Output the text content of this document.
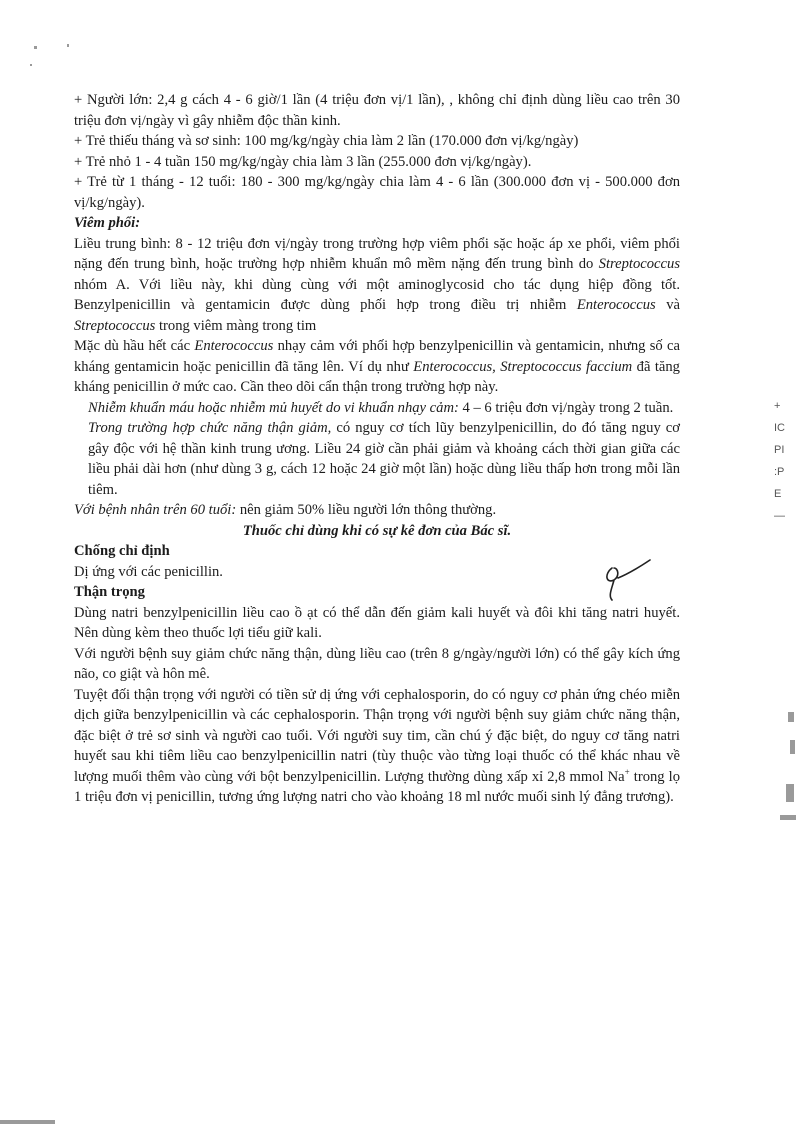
+ Người lớn: 2,4 g cách 4 - 6 giờ/1 lần (4 triệu đơn vị/1 lần), , không chỉ định dùng liều cao trên 30 triệu đơn vị/ngày vì gây nhiễm độc thần kinh.

+ Trẻ thiếu tháng và sơ sinh: 100 mg/kg/ngày chia làm 2 lần (170.000 đơn vị/kg/ngày)

+ Trẻ nhỏ 1 - 4 tuần 150 mg/kg/ngày chia làm 3 lần (255.000 đơn vị/kg/ngày).

+ Trẻ từ 1 tháng - 12 tuổi: 180 - 300 mg/kg/ngày chia làm 4 - 6 lần (300.000 đơn vị - 500.000 đơn vị/kg/ngày).

Viêm phổi:

Liều trung bình: 8 - 12 triệu đơn vị/ngày trong trường hợp viêm phổi sặc hoặc áp xe phổi, viêm phổi nặng đến trung bình, hoặc trường hợp nhiễm khuẩn mô mềm nặng đến trung bình do Streptococcus nhóm A. Với liều này, khi dùng cùng với một aminoglycosid cho tác dụng hiệp đồng tốt. Benzylpenicillin và gentamicin được dùng phối hợp trong điều trị nhiễm Enterococcus và Streptococcus trong viêm màng trong tim

Mặc dù hầu hết các Enterococcus nhạy cảm với phối hợp benzylpenicillin và gentamicin, nhưng số ca kháng gentamicin hoặc penicillin đã tăng lên. Ví dụ như Enterococcus, Streptococcus faccium đã tăng kháng penicillin ở mức cao. Cần theo dõi cẩn thận trong trường hợp này.

Nhiễm khuẩn máu hoặc nhiễm mủ huyết do vi khuẩn nhạy cảm: 4 – 6 triệu đơn vị/ngày trong 2 tuần.

Trong trường hợp chức năng thận giảm, có nguy cơ tích lũy benzylpenicillin, do đó tăng nguy cơ gây độc với hệ thần kinh trung ương. Liều 24 giờ cần phải giảm và khoảng cách thời gian giữa các liều phải dài hơn (như dùng 3 g, cách 12 hoặc 24 giờ một lần) hoặc dùng liều thấp hơn trong mỗi lần tiêm.

Với bệnh nhân trên 60 tuổi: nên giảm 50% liều người lớn thông thường.

Thuốc chỉ dùng khi có sự kê đơn của Bác sĩ.

Chống chỉ định

Dị ứng với các penicillin.

Thận trọng

Dùng natri benzylpenicillin liều cao ồ ạt có thể dẫn đến giảm kali huyết và đôi khi tăng natri huyết. Nên dùng kèm theo thuốc lợi tiểu giữ kali.

Với người bệnh suy giảm chức năng thận, dùng liều cao (trên 8 g/ngày/người lớn) có thể gây kích ứng não, co giật và hôn mê.

Tuyệt đối thận trọng với người có tiền sử dị ứng với cephalosporin, do có nguy cơ phản ứng chéo miễn dịch giữa benzylpenicillin và các cephalosporin. Thận trọng với người bệnh suy giảm chức năng thận, đặc biệt ở trẻ sơ sinh và người cao tuổi. Với người suy tim, cần chú ý đặc biệt, do nguy cơ tăng natri huyết sau khi tiêm liều cao benzylpenicillin natri (tùy thuộc vào từng loại thuốc có thể khác nhau về lượng muối thêm vào cùng với bột benzylpenicillin. Lượng thường dùng xấp xỉ 2,8 mmol Na+ trong lọ 1 triệu đơn vị penicillin, tương ứng lượng natri cho vào khoảng 18 ml nước muối sinh lý đẳng trương).

+
IC
PI
:P
E
—
